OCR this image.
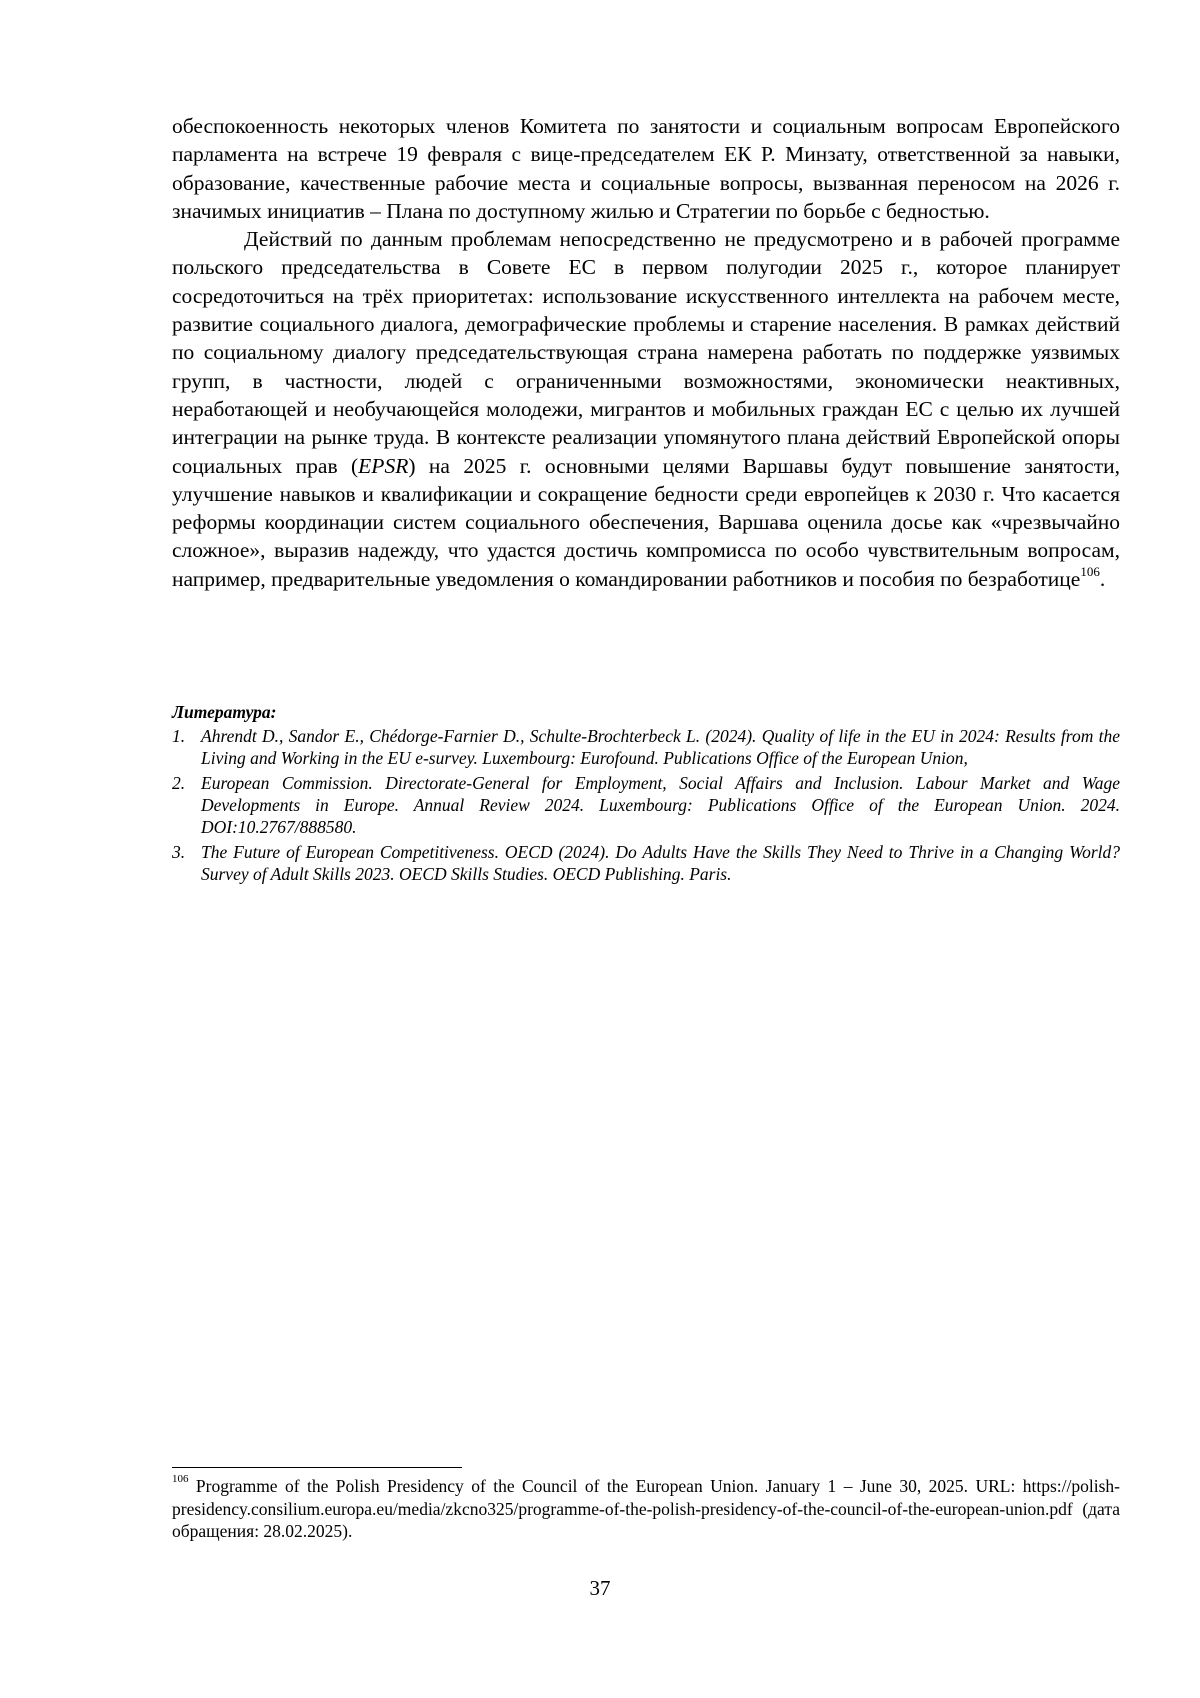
обеспокоенность некоторых членов Комитета по занятости и социальным вопросам Европейского парламента на встрече 19 февраля с вице-председателем ЕК Р. Минзату, ответственной за навыки, образование, качественные рабочие места и социальные вопросы, вызванная переносом на 2026 г. значимых инициатив – Плана по доступному жилью и Стратегии по борьбе с бедностью.

Действий по данным проблемам непосредственно не предусмотрено и в рабочей программе польского председательства в Совете ЕС в первом полугодии 2025 г., которое планирует сосредоточиться на трёх приоритетах: использование искусственного интеллекта на рабочем месте, развитие социального диалога, демографические проблемы и старение населения. В рамках действий по социальному диалогу председательствующая страна намерена работать по поддержке уязвимых групп, в частности, людей с ограниченными возможностями, экономически неактивных, неработающей и необучающейся молодежи, мигрантов и мобильных граждан ЕС с целью их лучшей интеграции на рынке труда. В контексте реализации упомянутого плана действий Европейской опоры социальных прав (EPSR) на 2025 г. основными целями Варшавы будут повышение занятости, улучшение навыков и квалификации и сокращение бедности среди европейцев к 2030 г. Что касается реформы координации систем социального обеспечения, Варшава оценила досье как «чрезвычайно сложное», выразив надежду, что удастся достичь компромисса по особо чувствительным вопросам, например, предварительные уведомления о командировании работников и пособия по безработице$^{106}$.

Литература:
1. Ahrendt D., Sandor E., Chédorge-Farnier D., Schulte-Brochterbeck L. (2024). Quality of life in the EU in 2024: Results from the Living and Working in the EU e-survey. Luxembourg: Eurofound. Publications Office of the European Union,
2. European Commission. Directorate-General for Employment, Social Affairs and Inclusion. Labour Market and Wage Developments in Europe. Annual Review 2024. Luxembourg: Publications Office of the European Union. 2024. DOI:10.2767/888580.
3. The Future of European Competitiveness. OECD (2024). Do Adults Have the Skills They Need to Thrive in a Changing World? Survey of Adult Skills 2023. OECD Skills Studies. OECD Publishing. Paris.
$^{106}$ Programme of the Polish Presidency of the Council of the European Union. January 1 – June 30, 2025. URL: https://polish-presidency.consilium.europa.eu/media/zkcno325/programme-of-the-polish-presidency-of-the-council-of-the-european-union.pdf (дата обращения: 28.02.2025).
37
